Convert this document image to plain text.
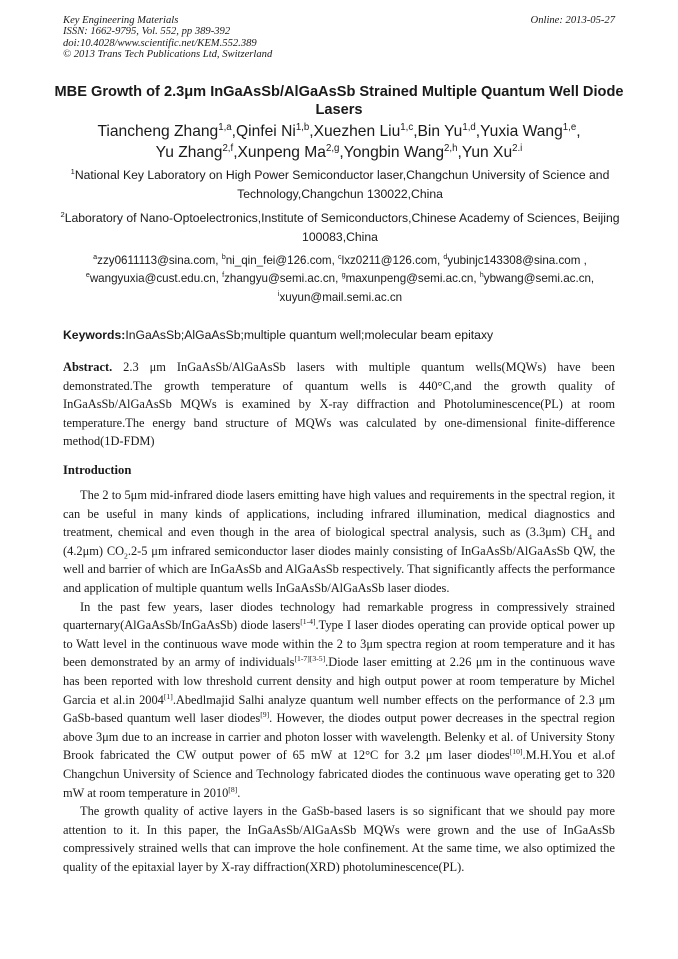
Key Engineering Materials
ISSN: 1662-9795, Vol. 552, pp 389-392
doi:10.4028/www.scientific.net/KEM.552.389
© 2013 Trans Tech Publications Ltd, Switzerland
Online: 2013-05-27
MBE Growth of 2.3μm InGaAsSb/AlGaAsSb Strained Multiple Quantum Well Diode Lasers
Tiancheng Zhang$^{1,a}$,Qinfei Ni$^{1,b}$,Xuezhen Liu$^{1,c}$,Bin Yu$^{1,d}$,Yuxia Wang$^{1,e}$,
Yu Zhang$^{2,f}$,Xunpeng Ma$^{2,g}$,Yongbin Wang$^{2,h}$,Yun $Xu^{2.i}$
$^1$National Key Laboratory on High Power Semiconductor laser,Changchun University of Science and Technology,Changchun 130022,China
$^2$Laboratory of Nano-Optoelectronics,Institute of Semiconductors,Chinese Academy of Sciences, Beijing 100083,China
$^a$zzy0611113@sina.com, $^b$ni_qin_fei@126.com, $^c$lxz0211@126.com, $^d$yubinjc143308@sina.com ,
$^e$wangyuxia@cust.edu.cn, $^f$zhangyu@semi.ac.cn, $^g$maxunpeng@semi.ac.cn, $^h$ybwang@semi.ac.cn,
$^i$xuyun@mail.semi.ac.cn
Keywords:InGaAsSb;AlGaAsSb;multiple quantum well;molecular beam epitaxy
Abstract. 2.3 μm InGaAsSb/AlGaAsSb lasers with multiple quantum wells(MQWs) have been demonstrated.The growth temperature of quantum wells is 440°C,and the growth quality of InGaAsSb/AlGaAsSb MQWs is examined by X-ray diffraction and Photoluminescence(PL) at room temperature.The energy band structure of MQWs was calculated by one-dimensional finite-difference method(1D-FDM)
Introduction

The 2 to 5μm mid-infrared diode lasers emitting have high values and requirements in the spectral region, it can be useful in many kinds of applications, including infrared illumination, medical diagnostics and treatment, chemical and even though in the area of biological spectral analysis, such as (3.3μm) $CH_4$ and (4.2μm) $CO_2.2-5$ μm infrared semiconductor laser diodes mainly consisting of InGaAsSb/AlGaAsSb QW, the well and barrier of which are InGaAsSb and AlGaAsSb respectively. That significantly affects the performance and application of multiple quantum wells InGaAsSb/AlGaAsSb laser diodes.

In the past few years, laser diodes technology had remarkable progress in compressively strained quarternary(AlGaAsSb/InGaAsSb) diode lasers[1-4].Type I laser diodes operating can provide optical power up to Watt level in the continuous wave mode within the 2 to 3μm spectra region at room temperature and it has been demonstrated by an army of individuals[1-7][3-5].Diode laser emitting at 2.26 μm in the continuous wave has been reported with low threshold current density and high output power at room temperature by Michel Garcia et al.in 2004[1].Abedlmajid Salhi analyze quantum well number effects on the performance of 2.3 μm GaSb-based quantum well laser diodes[9]. However, the diodes output power decreases in the spectral region above 3μm due to an increase in carrier and photon losser with wavelength. Belenky et al. of University Stony Brook fabricated the CW output power of 65 mW at 12°C for 3.2 μm laser diodes[10].M.H.You et al.of Changchun University of Science and Technology fabricated diodes the continuous wave operating get to 320 mW at room temperature in 2010[8].

The growth quality of active layers in the GaSb-based lasers is so significant that we should pay more attention to it. In this paper, the InGaAsSb/AlGaAsSb MQWs were grown and the use of InGaAsSb compressively strained wells that can improve the hole confinement. At the same time, we also optimized the quality of the epitaxial layer by X-ray diffraction(XRD) photoluminescence(PL).
